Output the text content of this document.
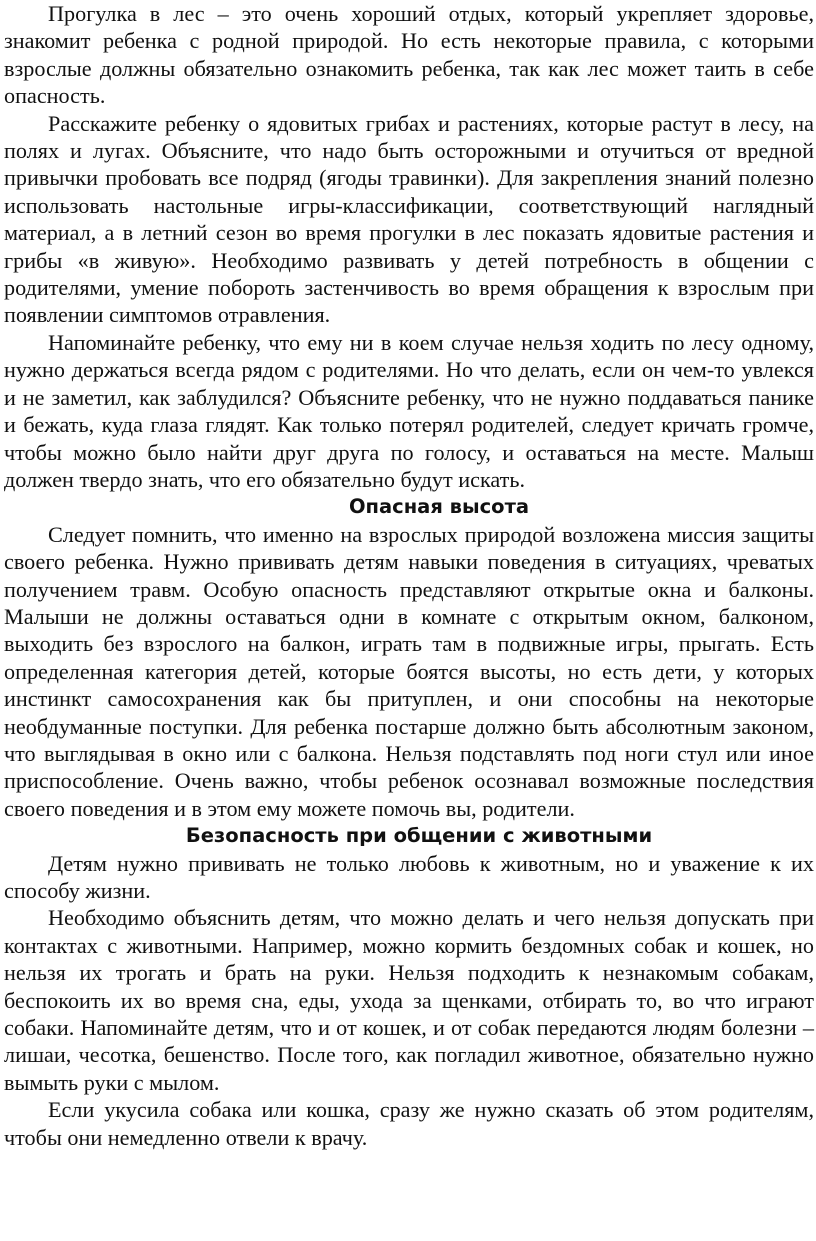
Прогулка в лес – это очень хороший отдых, который укрепляет здоровье, знакомит ребенка с родной природой. Но есть некоторые правила, с которыми взрослые должны обязательно ознакомить ребенка, так как лес может таить в себе опасность.

Расскажите ребенку о ядовитых грибах и растениях, которые растут в лесу, на полях и лугах. Объясните, что надо быть осторожными и отучиться от вредной привычки пробовать все подряд (ягоды травинки). Для закрепления знаний полезно использовать настольные игры-классификации, соответствующий наглядный материал, а в летний сезон во время прогулки в лес показать ядовитые растения и грибы «в живую». Необходимо развивать у детей потребность в общении с родителями, умение побороть застенчивость во время обращения к взрослым при появлении симптомов отравления.

Напоминайте ребенку, что ему ни в коем случае нельзя ходить по лесу одному, нужно держаться всегда рядом с родителями. Но что делать, если он чем-то увлекся и не заметил, как заблудился? Объясните ребенку, что не нужно поддаваться панике и бежать, куда глаза глядят. Как только потерял родителей, следует кричать громче, чтобы можно было найти друг друга по голосу, и оставаться на месте. Малыш должен твердо знать, что его обязательно будут искать.

Опасная высота

Следует помнить, что именно на взрослых природой возложена миссия защиты своего ребенка. Нужно прививать детям навыки поведения в ситуациях, чреватых получением травм. Особую опасность представляют открытые окна и балконы. Малыши не должны оставаться одни в комнате с открытым окном, балконом, выходить без взрослого на балкон, играть там в подвижные игры, прыгать. Есть определенная категория детей, которые боятся высоты, но есть дети, у которых инстинкт самосохранения как бы притуплен, и они способны на некоторые необдуманные поступки. Для ребенка постарше должно быть абсолютным законом, что выглядывая в окно или с балкона. Нельзя подставлять под ноги стул или иное приспособление. Очень важно, чтобы ребенок осознавал возможные последствия своего поведения и в этом ему можете помочь вы, родители.

Безопасность при общении с животными

Детям нужно прививать не только любовь к животным, но и уважение к их способу жизни.

Необходимо объяснить детям, что можно делать и чего нельзя допускать при контактах с животными. Например, можно кормить бездомных собак и кошек, но нельзя их трогать и брать на руки. Нельзя подходить к незнакомым собакам, беспокоить их во время сна, еды, ухода за щенками, отбирать то, во что играют собаки. Напоминайте детям, что и от кошек, и от собак передаются людям болезни – лишаи, чесотка, бешенство. После того, как погладил животное, обязательно нужно вымыть руки с мылом.

Если укусила собака или кошка, сразу же нужно сказать об этом родителям, чтобы они немедленно отвели к врачу.
